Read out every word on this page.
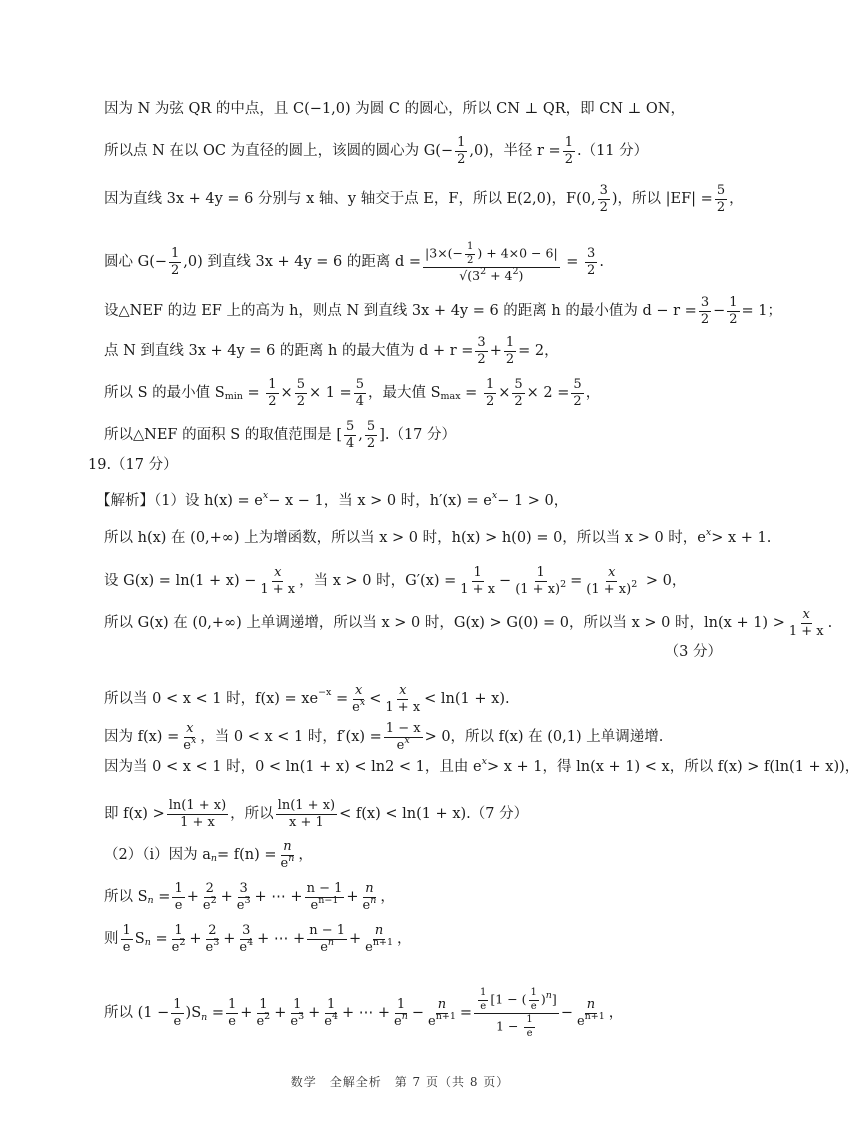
因为 N 为弦 QR 的中点，且 C(−1,0) 为圆 C 的圆心，所以 CN ⊥ QR，即 CN ⊥ ON，
所以点 N 在以 OC 为直径的圆上，该圆的圆心为 $G(- \frac{1}{2} ,0)$，半径 $r = \frac{1}{2} .(11$ 分）
因为直线 3x + 4y = 6 分别与 x 轴、y 轴交于点 E，F，所以 E(2,0)，F(0, $\frac{3}{2}$ )，所以 $|EF| = \frac{5}{2}$ ，
圆心 $G(- \frac{1}{2} ,0)$ 到直线 3x + 4y = 6 的距离 $d = \frac{|3\times(- \frac{1}{2} ) + 4\times 0 - 6|}{√(3^2 + 4^2)} = \frac{3}{2}$ .
设△NEF 的边 EF 上的高为 h，则点 N 到直线 3x + 4y = 6 的距离 h 的最小值为 $d - r = \frac{3}{2} - \frac{1}{2} = 1$；
点 N 到直线 3x + 4y = 6 的距离 h 的最大值为 $d + r = \frac{3}{2} + \frac{1}{2} = 2$，
所以 S 的最小值 S $\min = \frac{1}{2} \times \frac{5}{2} \times 1 = \frac{5}{4}$ ，最大值 S $\max = \frac{1}{2} \times \frac{5}{2} \times 2 = \frac{5}{2}$ ，
所以△NEF 的面积 S 的取值范围是 [ $\frac{5}{4}$ , $\frac{5}{2} ].(17$ 分）
19.（17 分）
【解析】（1）设 h(x) = e x − x − 1，当 x > 0 时，h′(x) = e x − 1 > 0，
所以 h(x) 在 (0,+∞) 上为增函数，所以当 x > 0 时，h(x) > h(0) = 0，所以当 x > 0 时，e x > x + 1.
设 $G(x) = \ln(1 + x) - \frac{x}{1 + x}$ ，当 x > 0 时，$G'(x) = \frac{1}{1 + x} - \frac{1}{(1 + x)^2} = \frac{x}{(1 + x)^2} > 0$，
所以 G(x) 在 (0,+∞) 上单调递增，所以当 x > 0 时，G(x) > G(0) = 0，所以当 x > 0 时，$\ln(x + 1) > \frac{x}{1 + x}$ .
（3 分）
所以当 0 < x < 1 时，f(x) = xe $-x = \frac{x}{e^x} < \frac{x}{1 + x} < \ln(1 + x)$.
因为 $f(x) = \frac{x}{e^x}$ ，当 0 < x < 1 时，$f'(x) = \frac{1 - x}{e^x} > 0$，所以 f(x) 在 (0,1) 上单调递增.
因为当 0 < x < 1 时，0 < ln(1 + x) < ln2 < 1，且由 e x > x + 1，得 ln(x + 1) < x，所以 f(x) > f(ln(1 + x))，
即 $f(x) > \frac{\ln(1 + x)}{1 + x}$ ，所以 $\frac{\ln(1 + x)}{x + 1} < f(x) < \ln(1 + x).(7$ 分）
（2）（i）因为 a $n = f(n) = \frac{n}{e^n}$ ，
所以 S $n = \frac{1}{e} + \frac{2}{e^2} + \frac{3}{e^3}$ + ⋯ + $\frac{n - 1}{e^{n-1}} + \frac{n}{e^n}$ ，
则 $\frac{1}{e}$ S $n = \frac{1}{e^2} + \frac{2}{e^3} + \frac{3}{e^4}$ + ⋯ + $\frac{n - 1}{e^n} + \frac{n}{e^{n+1}}$ ，
所以 $(1 - \frac{1}{e} )S$ $n = \frac{1}{e} + \frac{1}{e^2} + \frac{1}{e^3} + \frac{1}{e^4}$ + ⋯ + $\frac{1}{e^n} - \frac{n}{e^{n+1}} = \frac{\frac{1}{e} [1 - ( \frac{1}{e} )^n]}{1 - \frac{1}{e}} - \frac{n}{e^{n+1}}$ ，
数学　全解全析　第 7 页（共 8 页）
